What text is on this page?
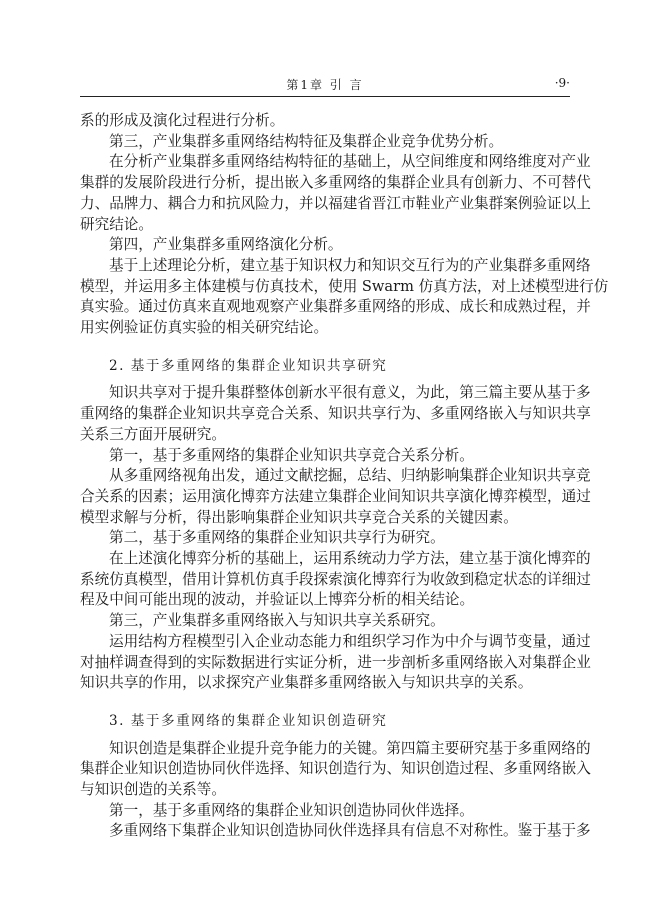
第1章 引 言	·9·
系的形成及演化过程进行分析。
第三，产业集群多重网络结构特征及集群企业竞争优势分析。
在分析产业集群多重网络结构特征的基础上，从空间维度和网络维度对产业
集群的发展阶段进行分析，提出嵌入多重网络的集群企业具有创新力、不可替代
力、品牌力、耦合力和抗风险力，并以福建省晋江市鞋业产业集群案例验证以上
研究结论。
第四，产业集群多重网络演化分析。
基于上述理论分析，建立基于知识权力和知识交互行为的产业集群多重网络
模型，并运用多主体建模与仿真技术，使用 Swarm 仿真方法，对上述模型进行仿
真实验。通过仿真来直观地观察产业集群多重网络的形成、成长和成熟过程，并
用实例验证仿真实验的相关研究结论。
2. 基于多重网络的集群企业知识共享研究
知识共享对于提升集群整体创新水平很有意义，为此，第三篇主要从基于多
重网络的集群企业知识共享竞合关系、知识共享行为、多重网络嵌入与知识共享
关系三方面开展研究。
第一，基于多重网络的集群企业知识共享竞合关系分析。
从多重网络视角出发，通过文献挖掘，总结、归纳影响集群企业知识共享竞
合关系的因素；运用演化博弈方法建立集群企业间知识共享演化博弈模型，通过
模型求解与分析，得出影响集群企业知识共享竞合关系的关键因素。
第二，基于多重网络的集群企业知识共享行为研究。
在上述演化博弈分析的基础上，运用系统动力学方法，建立基于演化博弈的
系统仿真模型，借用计算机仿真手段探索演化博弈行为收敛到稳定状态的详细过
程及中间可能出现的波动，并验证以上博弈分析的相关结论。
第三，产业集群多重网络嵌入与知识共享关系研究。
运用结构方程模型引入企业动态能力和组织学习作为中介与调节变量，通过
对抽样调查得到的实际数据进行实证分析，进一步剖析多重网络嵌入对集群企业
知识共享的作用，以求探究产业集群多重网络嵌入与知识共享的关系。
3. 基于多重网络的集群企业知识创造研究
知识创造是集群企业提升竞争能力的关键。第四篇主要研究基于多重网络的
集群企业知识创造协同伙伴选择、知识创造行为、知识创造过程、多重网络嵌入
与知识创造的关系等。
第一，基于多重网络的集群企业知识创造协同伙伴选择。
多重网络下集群企业知识创造协同伙伴选择具有信息不对称性。鉴于基于多
